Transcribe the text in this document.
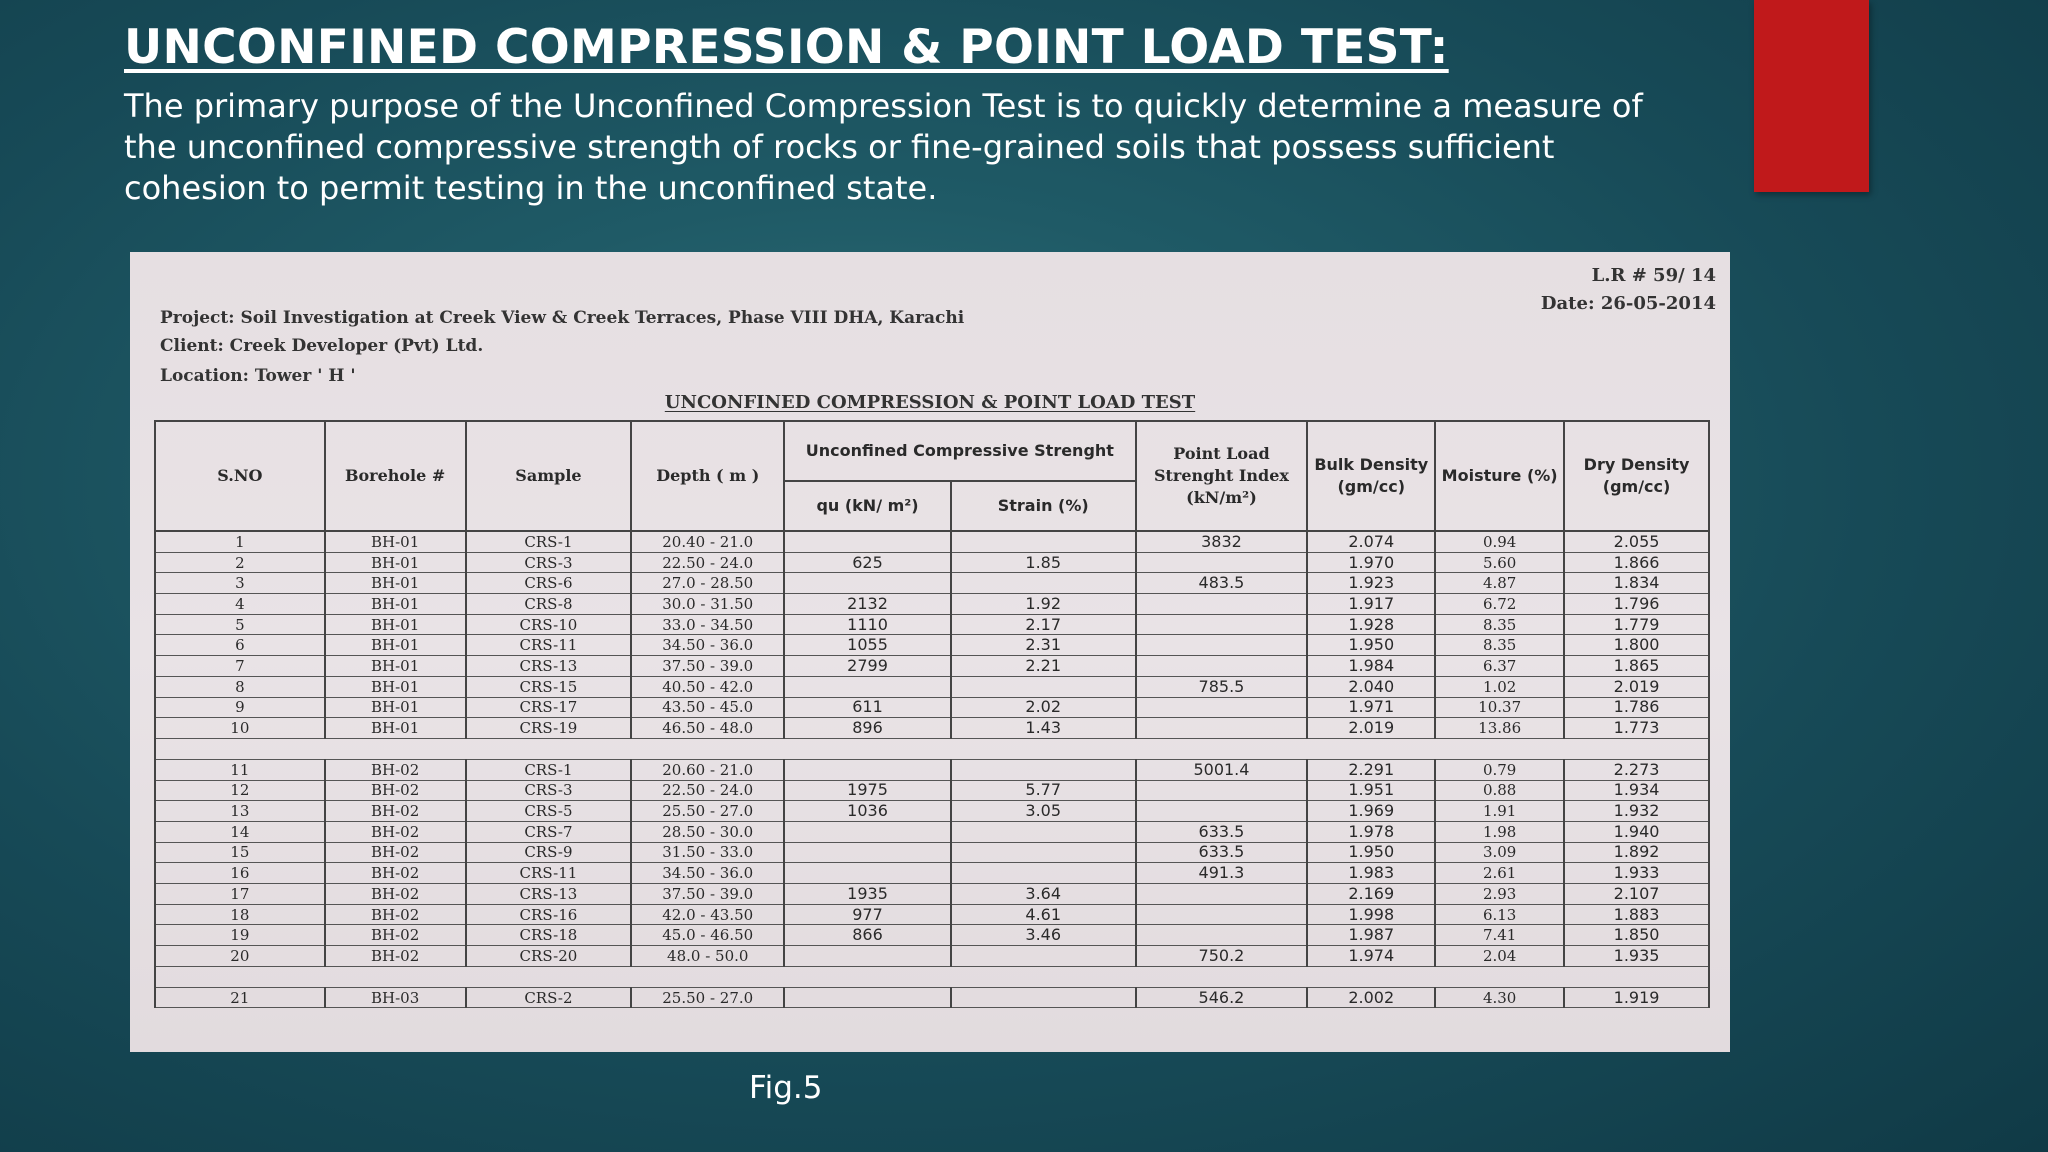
UNCONFINED COMPRESSION & POINT LOAD TEST:
The primary purpose of the Unconfined Compression Test is to quickly determine a measure of the unconfined compressive strength of rocks or fine-grained soils that possess sufficient cohesion to permit testing in the unconfined state.
L.R # 59/ 14
Date: 26-05-2014
Project: Soil Investigation at Creek View & Creek Terraces, Phase VIII DHA, Karachi
Client: Creek Developer (Pvt) Ltd.
Location: Tower ' H '
UNCONFINED COMPRESSION & POINT LOAD TEST
S.NO	Borehole #	Sample	Depth ( m )	Unconfined Compressive Strenght		Point Load Strenght Index (kN/m²)	Bulk Density (gm/cc)	Moisture (%)	Dry Density (gm/cc)
				qu (kN/ m²)	Strain (%)				
1	BH-01	CRS-1	20.40 - 21.0			3832	2.074	0.94	2.055
2	BH-01	CRS-3	22.50 - 24.0	625	1.85		1.970	5.60	1.866
3	BH-01	CRS-6	27.0 - 28.50			483.5	1.923	4.87	1.834
4	BH-01	CRS-8	30.0 - 31.50	2132	1.92		1.917	6.72	1.796
5	BH-01	CRS-10	33.0 - 34.50	1110	2.17		1.928	8.35	1.779
6	BH-01	CRS-11	34.50 - 36.0	1055	2.31		1.950	8.35	1.800
7	BH-01	CRS-13	37.50 - 39.0	2799	2.21		1.984	6.37	1.865
8	BH-01	CRS-15	40.50 - 42.0			785.5	2.040	1.02	2.019
9	BH-01	CRS-17	43.50 - 45.0	611	2.02		1.971	10.37	1.786
10	BH-01	CRS-19	46.50 - 48.0	896	1.43		2.019	13.86	1.773

11	BH-02	CRS-1	20.60 - 21.0			5001.4	2.291	0.79	2.273
12	BH-02	CRS-3	22.50 - 24.0	1975	5.77		1.951	0.88	1.934
13	BH-02	CRS-5	25.50 - 27.0	1036	3.05		1.969	1.91	1.932
14	BH-02	CRS-7	28.50 - 30.0			633.5	1.978	1.98	1.940
15	BH-02	CRS-9	31.50 - 33.0			633.5	1.950	3.09	1.892
16	BH-02	CRS-11	34.50 - 36.0			491.3	1.983	2.61	1.933
17	BH-02	CRS-13	37.50 - 39.0	1935	3.64		2.169	2.93	2.107
18	BH-02	CRS-16	42.0 - 43.50	977	4.61		1.998	6.13	1.883
19	BH-02	CRS-18	45.0 - 46.50	866	3.46		1.987	7.41	1.850
20	BH-02	CRS-20	48.0 - 50.0			750.2	1.974	2.04	1.935

21	BH-03	CRS-2	25.50 - 27.0			546.2	2.002	4.30	1.919
Fig.5
